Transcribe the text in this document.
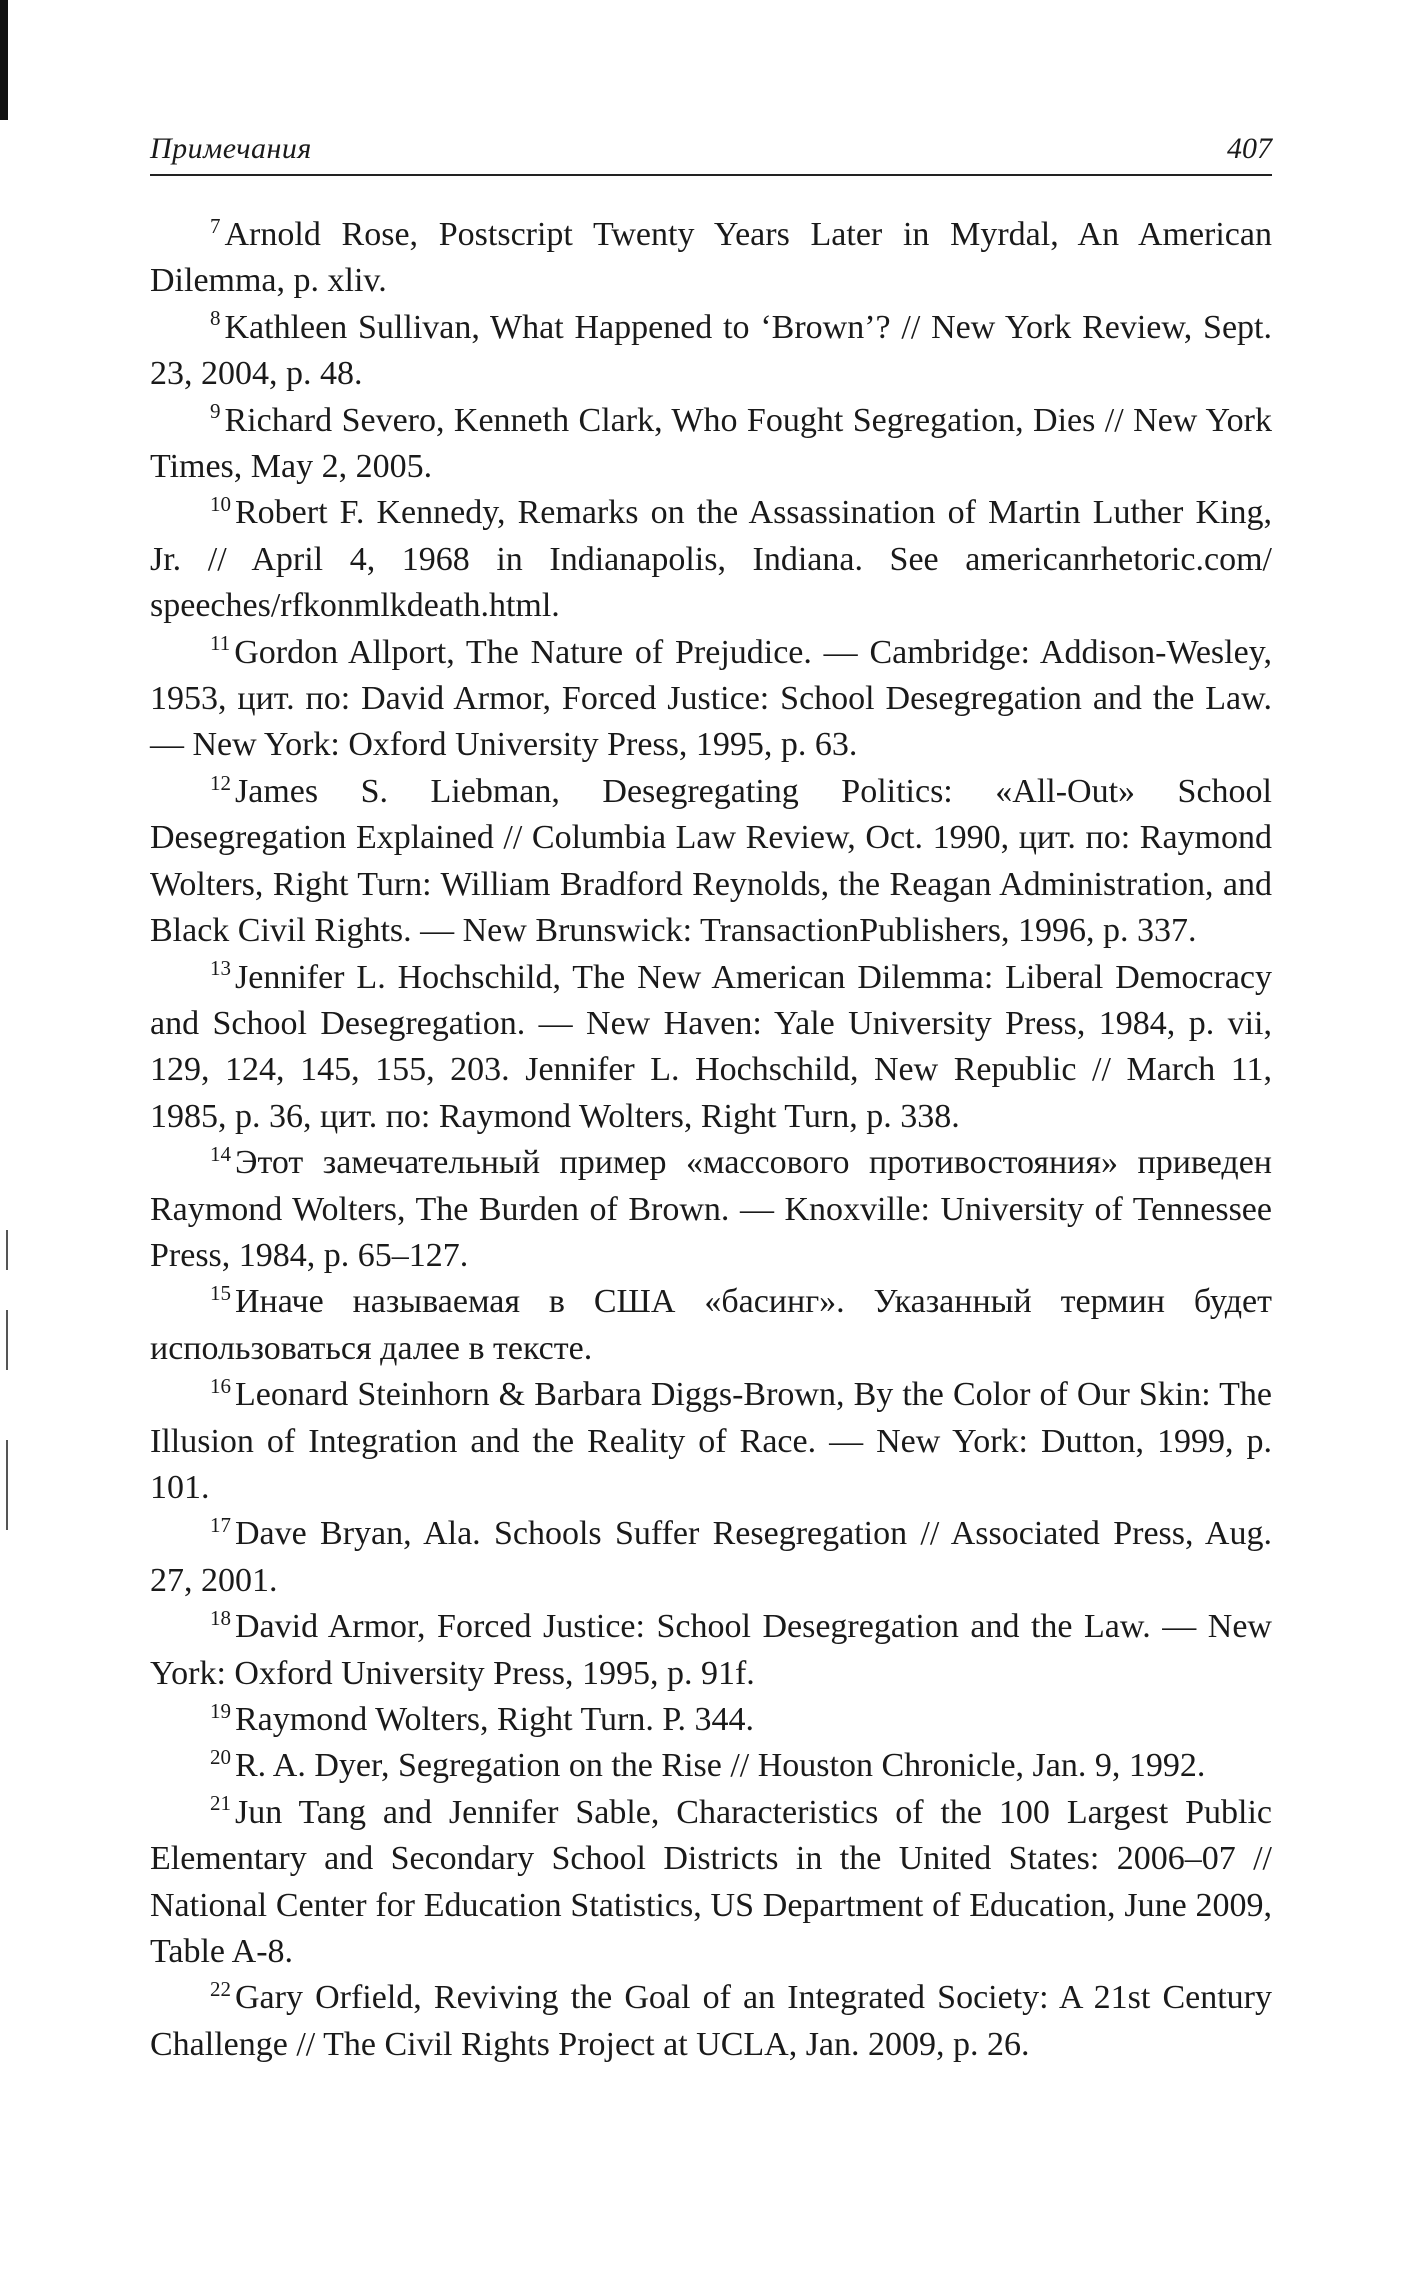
Примечания	407

$^7$ Arnold Rose, Postscript Twenty Years Later in Myrdal, An American Dilemma, p. xliv.

$^8$ Kathleen Sullivan, What Happened to ‘Brown’? // New York Review, Sept. 23, 2004, p. 48.

$^9$ Richard Severo, Kenneth Clark, Who Fought Segregation, Dies // New York Times, May 2, 2005.

$^{10}$ Robert F. Kennedy, Remarks on the Assassination of Martin Luther King, Jr. // April 4, 1968 in Indianapolis, Indiana. See americanrhetoric.com/ speeches/rfkonmlkdeath.html.

$^{11}$ Gordon Allport, The Nature of Prejudice. — Cambridge: Addison-Wesley, 1953, цит. по: David Armor, Forced Justice: School Desegregation and the Law. — New York: Oxford University Press, 1995, p. 63.

$^{12}$ James S. Liebman, Desegregating Politics: «All-Out» School Desegregation Explained // Columbia Law Review, Oct. 1990, цит. по: Raymond Wolters, Right Turn: William Bradford Reynolds, the Reagan Administration, and Black Civil Rights. — New Brunswick: TransactionPublishers, 1996, p. 337.

$^{13}$ Jennifer L. Hochschild, The New American Dilemma: Liberal Democracy and School Desegregation. — New Haven: Yale University Press, 1984, p. vii, 129, 124, 145, 155, 203. Jennifer L. Hochschild, New Republic // March 11, 1985, p. 36, цит. по: Raymond Wolters, Right Turn, p. 338.

$^{14}$ Этот замечательный пример «массового противостояния» приведен Raymond Wolters, The Burden of Brown. — Knoxville: University of Tennessee Press, 1984, p. 65–127.

$^{15}$ Иначе называемая в США «басинг». Указанный термин будет использоваться далее в тексте.

$^{16}$ Leonard Steinhorn & Barbara Diggs-Brown, By the Color of Our Skin: The Illusion of Integration and the Reality of Race. — New York: Dutton, 1999, p. 101.

$^{17}$ Dave Bryan, Ala. Schools Suffer Resegregation // Associated Press, Aug. 27, 2001.

$^{18}$ David Armor, Forced Justice: School Desegregation and the Law. — New York: Oxford University Press, 1995, p. 91f.

$^{19}$ Raymond Wolters, Right Turn. P. 344.

$^{20}$ R. A. Dyer, Segregation on the Rise // Houston Chronicle, Jan. 9, 1992.

$^{21}$ Jun Tang and Jennifer Sable, Characteristics of the 100 Largest Public Elementary and Secondary School Districts in the United States: 2006–07 // National Center for Education Statistics, US Department of Education, June 2009, Table A-8.

$^{22}$ Gary Orfield, Reviving the Goal of an Integrated Society: A 21st Century Challenge // The Civil Rights Project at UCLA, Jan. 2009, p. 26.
